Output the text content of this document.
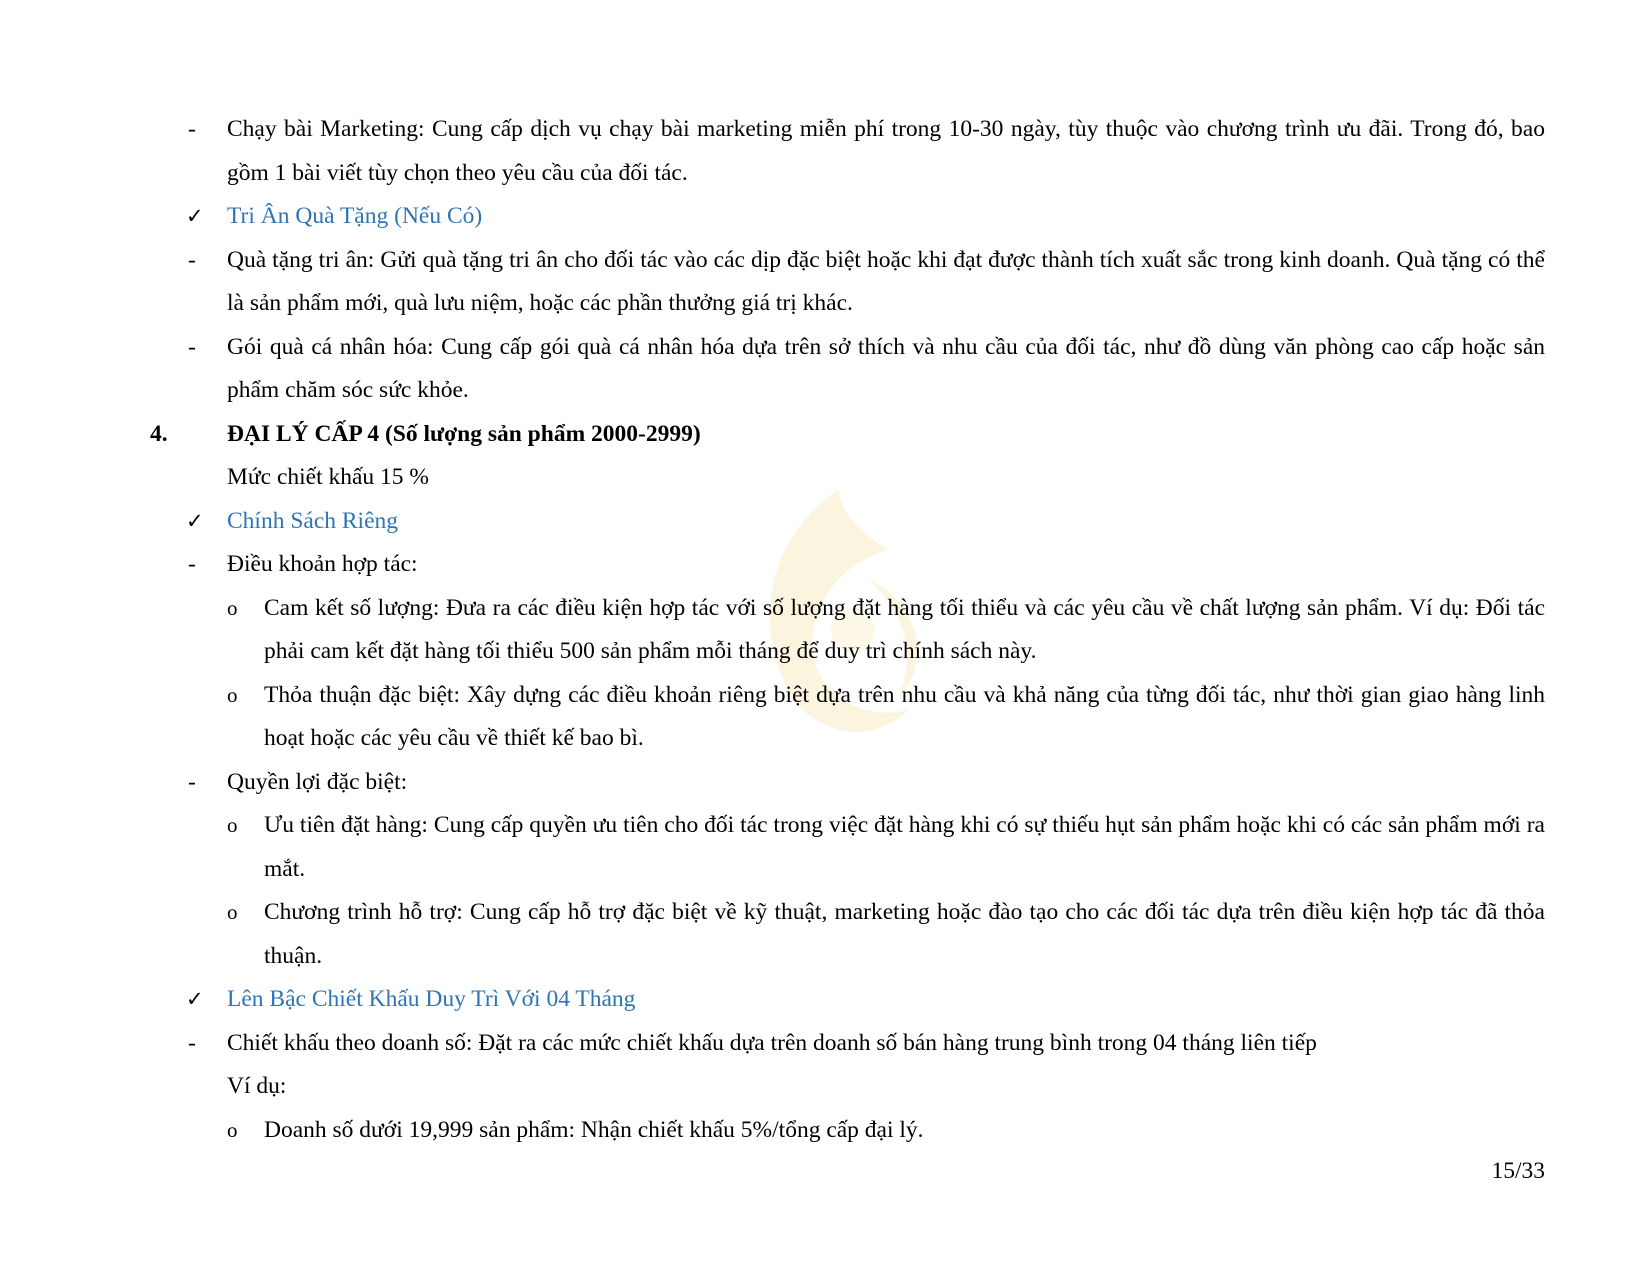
- Chạy bài Marketing: Cung cấp dịch vụ chạy bài marketing miễn phí trong 10-30 ngày, tùy thuộc vào chương trình ưu đãi. Trong đó, bao gồm 1 bài viết tùy chọn theo yêu cầu của đối tác.
✓ Tri Ân Quà Tặng (Nếu Có)
- Quà tặng tri ân: Gửi quà tặng tri ân cho đối tác vào các dịp đặc biệt hoặc khi đạt được thành tích xuất sắc trong kinh doanh. Quà tặng có thể là sản phẩm mới, quà lưu niệm, hoặc các phần thưởng giá trị khác.
- Gói quà cá nhân hóa: Cung cấp gói quà cá nhân hóa dựa trên sở thích và nhu cầu của đối tác, như đồ dùng văn phòng cao cấp hoặc sản phẩm chăm sóc sức khỏe.
4.	ĐẠI LÝ CẤP 4 (Số lượng sản phẩm 2000-2999)
Mức chiết khấu 15 %
✓ Chính Sách Riêng
- Điều khoản hợp tác:
o Cam kết số lượng: Đưa ra các điều kiện hợp tác với số lượng đặt hàng tối thiểu và các yêu cầu về chất lượng sản phẩm. Ví dụ: Đối tác phải cam kết đặt hàng tối thiểu 500 sản phẩm mỗi tháng để duy trì chính sách này.
o Thỏa thuận đặc biệt: Xây dựng các điều khoản riêng biệt dựa trên nhu cầu và khả năng của từng đối tác, như thời gian giao hàng linh hoạt hoặc các yêu cầu về thiết kế bao bì.
- Quyền lợi đặc biệt:
o Ưu tiên đặt hàng: Cung cấp quyền ưu tiên cho đối tác trong việc đặt hàng khi có sự thiếu hụt sản phẩm hoặc khi có các sản phẩm mới ra mắt.
o Chương trình hỗ trợ: Cung cấp hỗ trợ đặc biệt về kỹ thuật, marketing hoặc đào tạo cho các đối tác dựa trên điều kiện hợp tác đã thỏa thuận.
✓ Lên Bậc Chiết Khấu Duy Trì Với 04 Tháng
- Chiết khấu theo doanh số: Đặt ra các mức chiết khấu dựa trên doanh số bán hàng trung bình trong 04 tháng liên tiếp
Ví dụ:
o Doanh số dưới 19,999 sản phẩm: Nhận chiết khấu 5%/tổng cấp đại lý.
15/33
